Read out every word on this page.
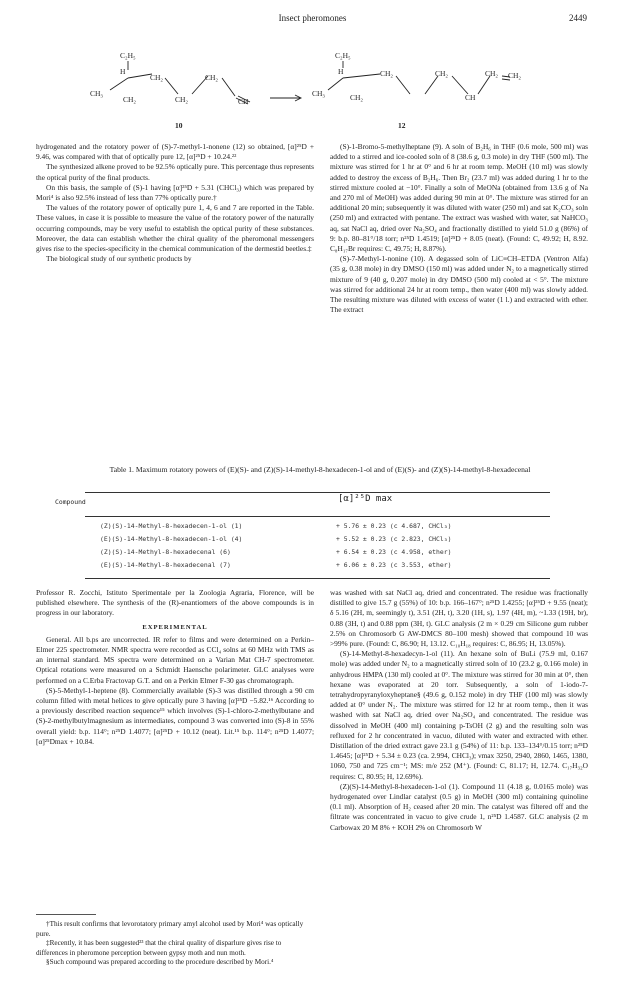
Insect pheromones	2449
C₂H₅
H
CH₂	CH₂
CH₃
CH₂	CH₂	CH
10
C₂H₅
H	CH₂	CH₂	CH₂
CH₃	CH₂	CH
CH₂
12

hydrogenated and the rotatory power of (S)-7-methyl-1-nonene (12) so obtained, [α]²⁵D + 9.46, was compared with that of optically pure 12, [α]²⁵D + 10.24.²²

The synthesized alkene proved to be 92.5% optically pure. This percentage thus represents the optical purity of the final products.

On this basis, the sample of (S)-1 having [α]²⁵D + 5.31 (CHCl₃) which was prepared by Mori⁴ is also 92.5% instead of less than 77% optically pure.†

The values of the rotatory power of optically pure 1, 4, 6 and 7 are reported in the Table. These values, in case it is possible to measure the value of the rotatory power of the naturally occurring compounds, may be very useful to establish the optical purity of these substances. Moreover, the data can establish whether the chiral quality of the pheromonal messengers gives rise to the species-specificity in the chemical communication of the dermestid beetles.‡

The biological study of our synthetic products by

(S)-1-Bromo-5-methylheptane (9). A soln of B₂H₆ in THF (0.6 mole, 500 ml) was added to a stirred and ice-cooled soln of 8 (38.6 g, 0.3 mole) in dry THF (500 ml). The mixture was stirred for 1 hr at 0° and 6 hr at room temp. MeOH (10 ml) was slowly added to destroy the excess of B₂H₆. Then Br₂ (23.7 ml) was added during 1 hr to the stirred mixture cooled at −10°. Finally a soln of MeONa (obtained from 13.6 g of Na and 270 ml of MeOH) was added during 90 min at 0°. The mixture was stirred for an additional 20 min; subsequently it was diluted with water (250 ml) and sat K₂CO₃ soln (250 ml) and extracted with pentane. The extract was washed with water, sat NaHCO₃ aq, sat NaCl aq, dried over Na₂SO₄ and fractionally distilled to yield 51.0 g (86%) of 9: b.p. 80–81°/18 torr; n²⁵D 1.4519; [α]²⁵D + 8.05 (neat). (Found: C, 49.92; H, 8.92. C₈H₁₇Br requires: C, 49.75; H, 8.87%).

(S)-7-Methyl-1-nonine (10). A degassed soln of LiC≡CH–ETDA (Ventron Alfa) (35 g, 0.38 mole) in dry DMSO (150 ml) was added under N₂ to a magnetically stirred mixture of 9 (40 g, 0.207 mole) in dry DMSO (500 ml) cooled at < 5°. The mixture was stirred for additional 24 hr at room temp., then water (400 ml) was slowly added. The resulting mixture was diluted with excess of water (1 l.) and extracted with ether. The extract

Table 1. Maximum rotatory powers of (E)(S)- and (Z)(S)-14-methyl-8-hexadecen-1-ol and of (E)(S)- and (Z)(S)-14-methyl-8-hexadecenal
Compound	[α]²⁵D max
(Z)(S)-14-Methyl-8-hexadecen-1-ol (1)	+ 5.76 ± 0.23 (c 4.687, CHCl₃)
(E)(S)-14-Methyl-8-hexadecen-1-ol (4)	+ 5.52 ± 0.23 (c 2.823, CHCl₃)
(Z)(S)-14-Methyl-8-hexadecenal (6)	+ 6.54 ± 0.23 (c 4.958, ether)
(E)(S)-14-Methyl-8-hexadecenal (7)	+ 6.06 ± 0.23 (c 3.553, ether)

Professor R. Zocchi, Istituto Sperimentale per la Zoologia Agraria, Florence, will be published elsewhere. The synthesis of the (R)-enantiomers of the above compounds is in progress in our laboratory.

EXPERIMENTAL

General. All b.ps are uncorrected. IR refer to films and were determined on a Perkin–Elmer 225 spectrometer. NMR spectra were recorded as CCl₄ solns at 60 MHz with TMS as an internal standard. MS spectra were determined on a Varian Mat CH-7 spectrometer. Optical rotations were measured on a Schmidt Haensche polarimeter. GLC analyses were performed on a C.Erba Fractovap G.T. and on a Perkin Elmer F-30 gas chromatograph.

(S)-5-Methyl-1-heptene (8). Commercially available (S)-3 was distilled through a 90 cm column filled with metal helices to give optically pure 3 having [α]²⁵D −5.82.¹⁶ According to a previously described reaction sequence¹⁵ which involves (S)-1-chloro-2-methylbutane and (S)-2-methylbutylmagnesium as intermediates, compound 3 was converted into (S)-8 in 55% overall yield: b.p. 114°; n²⁵D 1.4077; [α]²⁵D + 10.12 (neat). Lit.¹⁵ b.p. 114°; n²⁵D 1.4077; [α]²⁵Dmax + 10.84.

†This result confirms that levorotatory primary amyl alcohol used by Mori⁴ was optically pure.

‡Recently, it has been suggested²³ that the chiral quality of disparlure gives rise to differences in pheromone perception between gypsy moth and nun moth.

§Such compound was prepared according to the procedure described by Mori.⁴

was washed with sat NaCl aq, dried and concentrated. The residue was fractionally distilled to give 15.7 g (55%) of 10: b.p. 166–167°; n²⁵D 1.4255; [α]²⁵D + 9.55 (neat); δ 5.16 (2H, m, seemingly t), 3.51 (2H, t), 3.20 (1H, s), 1.97 (4H, m), ~1.33 (19H, br), 0.88 (3H, t) and 0.88 ppm (3H, t). GLC analysis (2 m × 0.29 cm Silicone gum rubber 2.5% on Chromosorb G AW-DMCS 80–100 mesh) showed that compound 10 was >99% pure. (Found: C, 86.90; H, 13.12. C₁₀H₁₈ requires: C, 86.95; H, 13.05%).

(S)-14-Methyl-8-hexadecyn-1-ol (11). An hexane soln of BuLi (75.9 ml, 0.167 mole) was added under N₂ to a magnetically stirred soln of 10 (23.2 g, 0.166 mole) in anhydrous HMPA (130 ml) cooled at 0°. The mixture was stirred for 30 min at 0°, then hexane was evaporated at 20 torr. Subsequently, a soln of 1-iodo-7-tetrahydropyranyloxyheptane§ (49.6 g, 0.152 mole) in dry THF (100 ml) was slowly added at 0° under N₂. The mixture was stirred for 12 hr at room temp., then it was washed with sat NaCl aq, dried over Na₂SO₄ and concentrated. The residue was dissolved in MeOH (400 ml) containing p-TsOH (2 g) and the resulting soln was refluxed for 2 hr concentrated in vacuo, diluted with water and extracted with ether. Distillation of the dried extract gave 23.1 g (54%) of 11: b.p. 133–134°/0.15 torr; n²⁵D 1.4645; [α]²⁵D + 5.34 ± 0.23 (ca. 2.994, CHCl₃); νmax 3250, 2940, 2860, 1465, 1380, 1060, 750 and 725 cm⁻¹; MS: m/e 252 (M⁺). (Found: C, 81.17; H, 12.74. C₁₇H₃₂O requires: C, 80.95; H, 12.69%).

(Z)(S)-14-Methyl-8-hexadecen-1-ol (1). Compound 11 (4.18 g, 0.0165 mole) was hydrogenated over Lindlar catalyst (0.5 g) in MeOH (300 ml) containing quinoline (0.1 ml). Absorption of H₂ ceased after 20 min. The catalyst was filtered off and the filtrate was concentrated in vacuo to give crude 1, n²⁵D 1.4587. GLC analysis (2 m Carbowax 20 M 8% + KOH 2% on Chromosorb W
